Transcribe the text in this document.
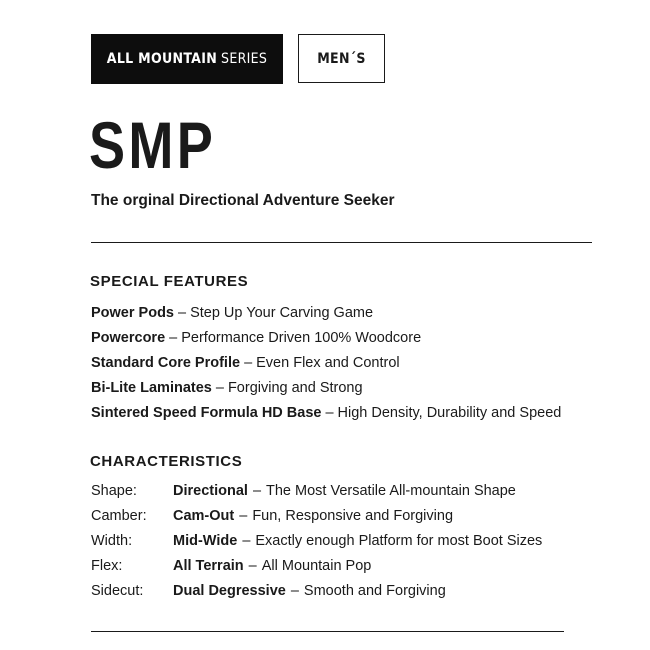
ALL MOUNTAIN SERIES	MEN´S
SMP
The orginal Directional Adventure Seeker
SPECIAL FEATURES
Power Pods – Step Up Your Carving Game
Powercore – Performance Driven 100% Woodcore
Standard Core Profile – Even Flex and Control
Bi-Lite Laminates – Forgiving and Strong
Sintered Speed Formula HD Base – High Density, Durability and Speed
CHARACTERISTICS
Shape:	Directional – The Most Versatile All-mountain Shape
Camber:	Cam-Out – Fun, Responsive and Forgiving
Width:	Mid-Wide – Exactly enough Platform for most Boot Sizes
Flex:	All Terrain – All Mountain Pop
Sidecut:	Dual Degressive – Smooth and Forgiving
